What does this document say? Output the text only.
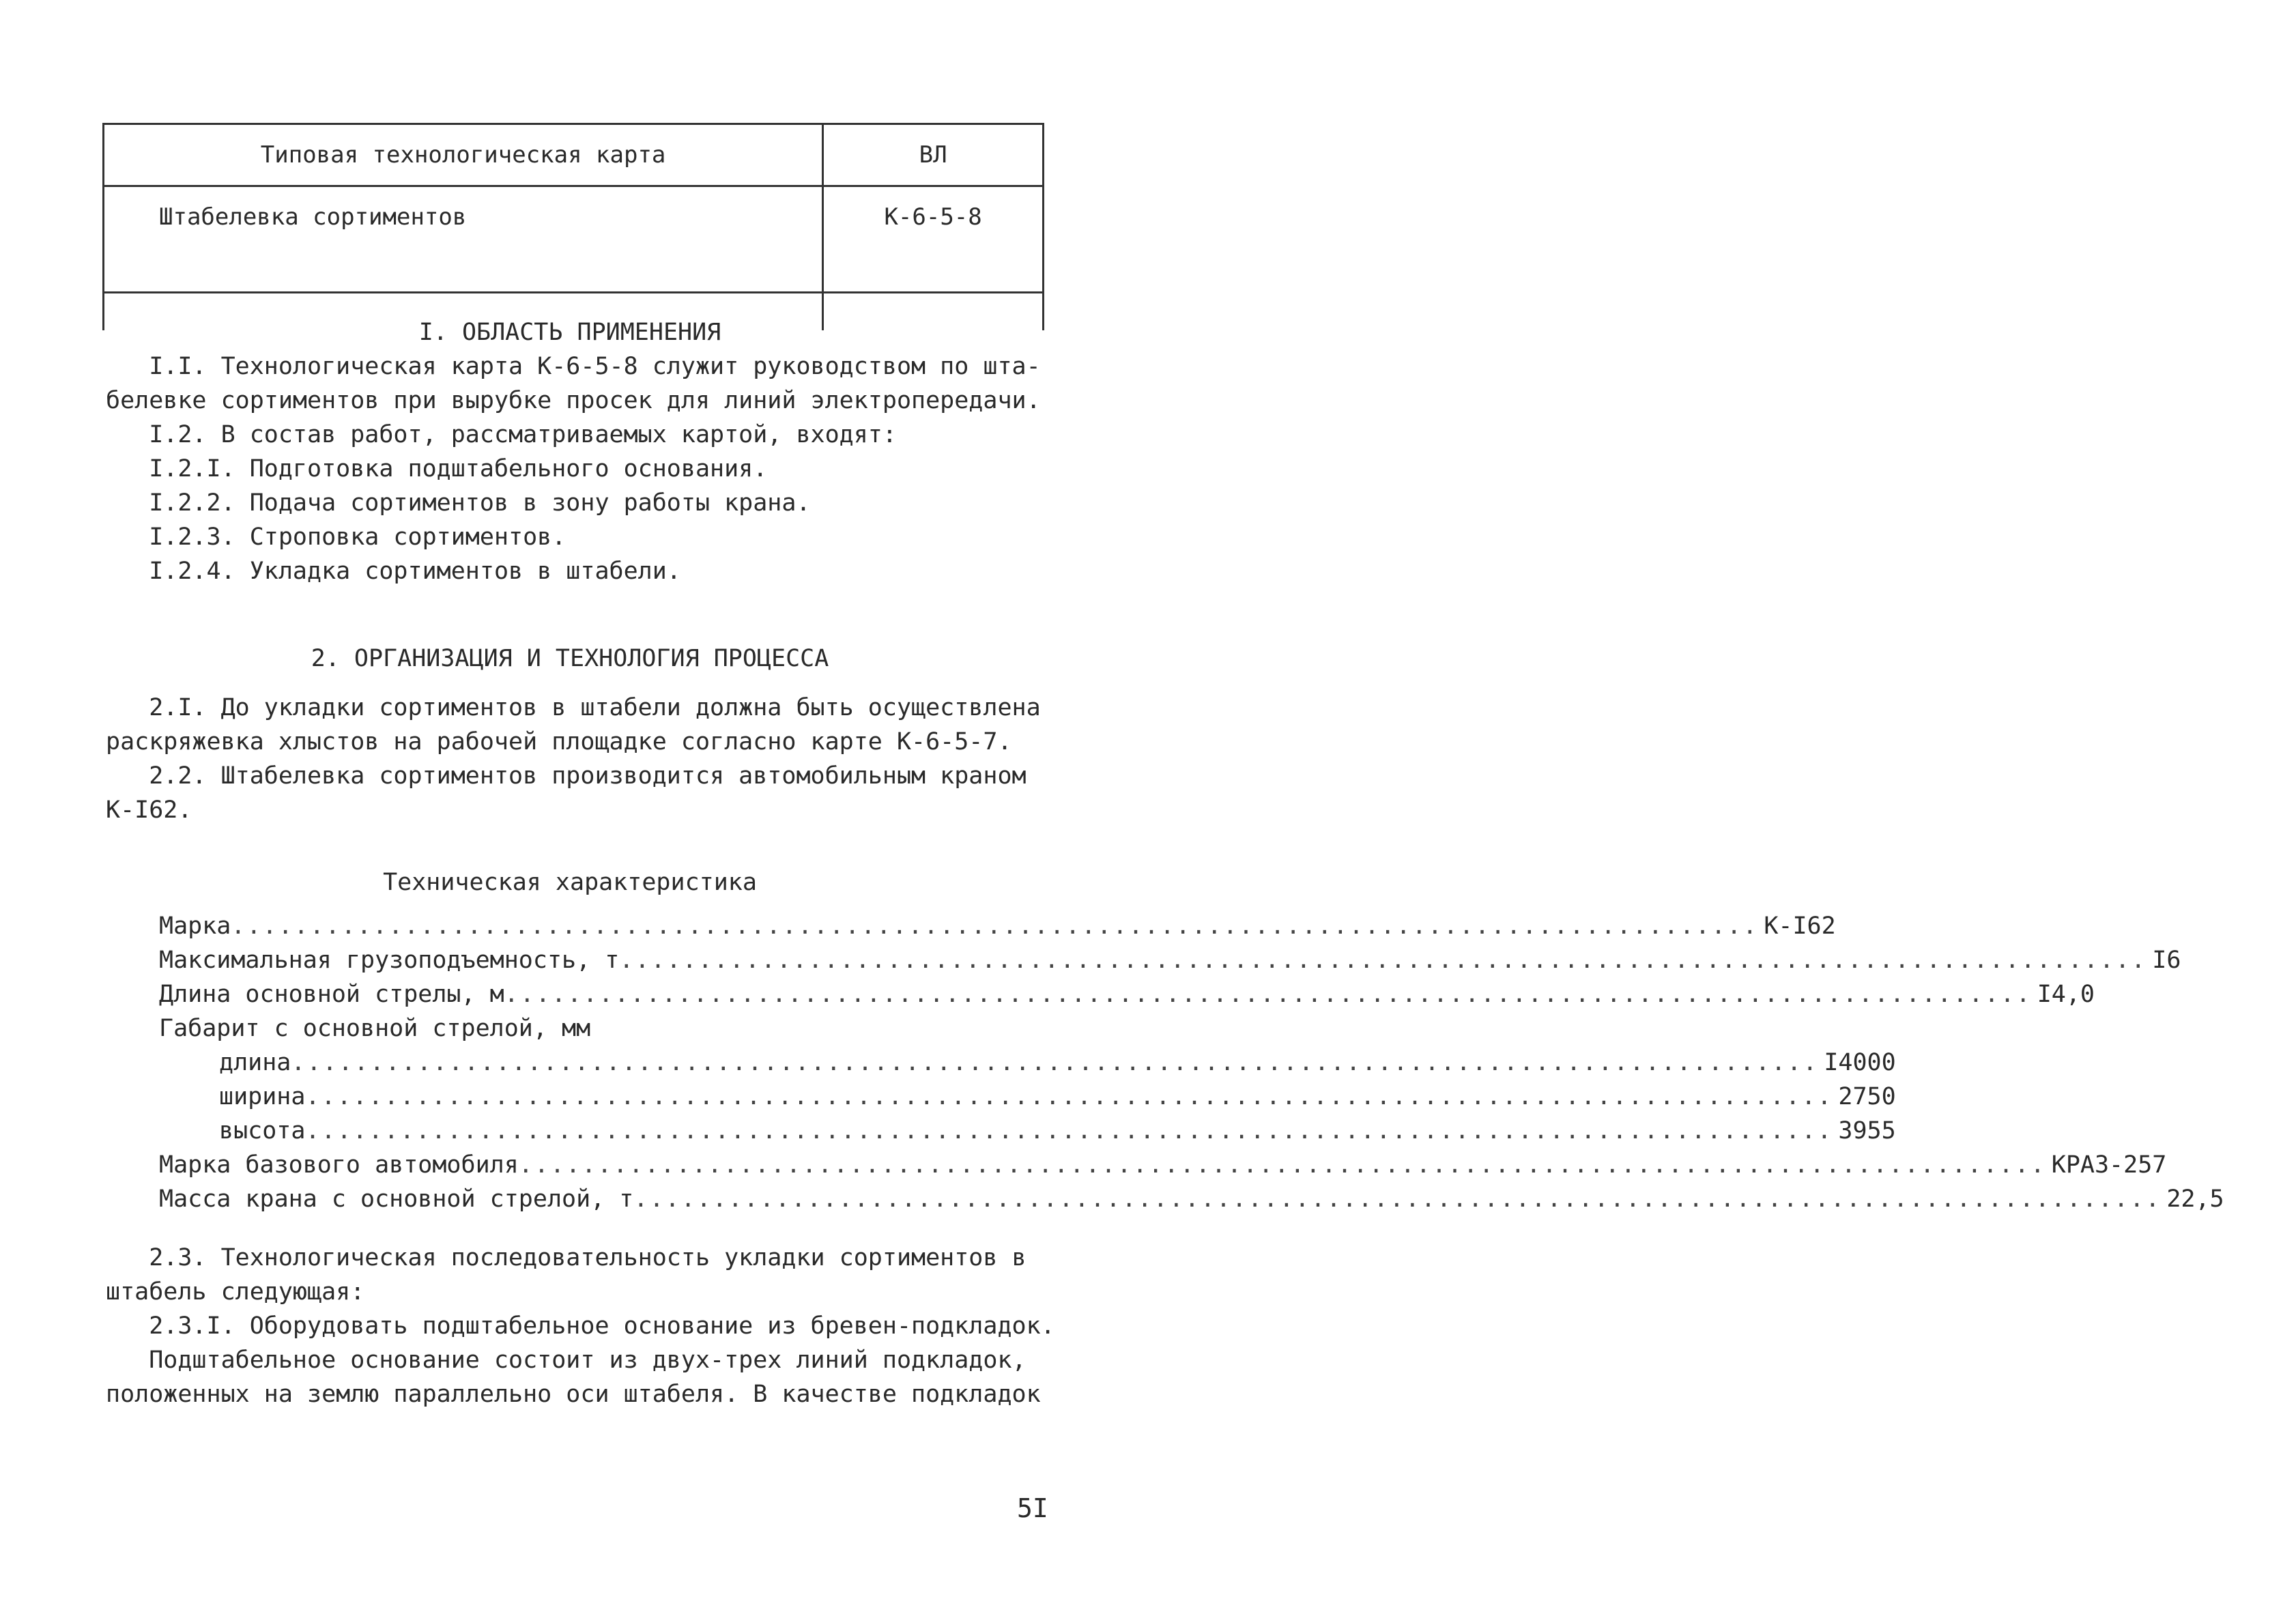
Типовая технологическая карта	ВЛ
Штабелевка сортиментов	К-6-5-8

I. ОБЛАСТЬ ПРИМЕНЕНИЯ
I.I. Технологическая карта К-6-5-8 служит руководством по шта-
белевке сортиментов при вырубке просек для линий электропередачи.
I.2. В состав работ, рассматриваемых картой, входят:
I.2.I. Подготовка подштабельного основания.
I.2.2. Подача сортиментов в зону работы крана.
I.2.3. Строповка сортиментов.
I.2.4. Укладка сортиментов в штабели.
2. ОРГАНИЗАЦИЯ И ТЕХНОЛОГИЯ ПРОЦЕССА
2.I. До укладки сортиментов в штабели должна быть осуществлена
раскряжевка хлыстов на рабочей площадке согласно карте К-6-5-7.
2.2. Штабелевка сортиментов производится автомобильным краном
К-I62.
Техническая характеристика
Марка ................................................................................................. К-I62
Максимальная грузоподъемность, т ................................................................................................. I6
Длина основной стрелы, м ................................................................................................. I4,0
Габарит с основной стрелой, мм
длина ................................................................................................. I4000
ширина ................................................................................................. 2750
высота ................................................................................................. 3955
Марка базового автомобиля ................................................................................................. КРАЗ-257
Масса крана с основной стрелой, т ................................................................................................. 22,5
2.3. Технологическая последовательность укладки сортиментов в
штабель следующая:
2.3.I. Оборудовать подштабельное основание из бревен-подкладок.
Подштабельное основание состоит из двух-трех линий подкладок,
положенных на землю параллельно оси штабеля. В качестве подкладок
5I
